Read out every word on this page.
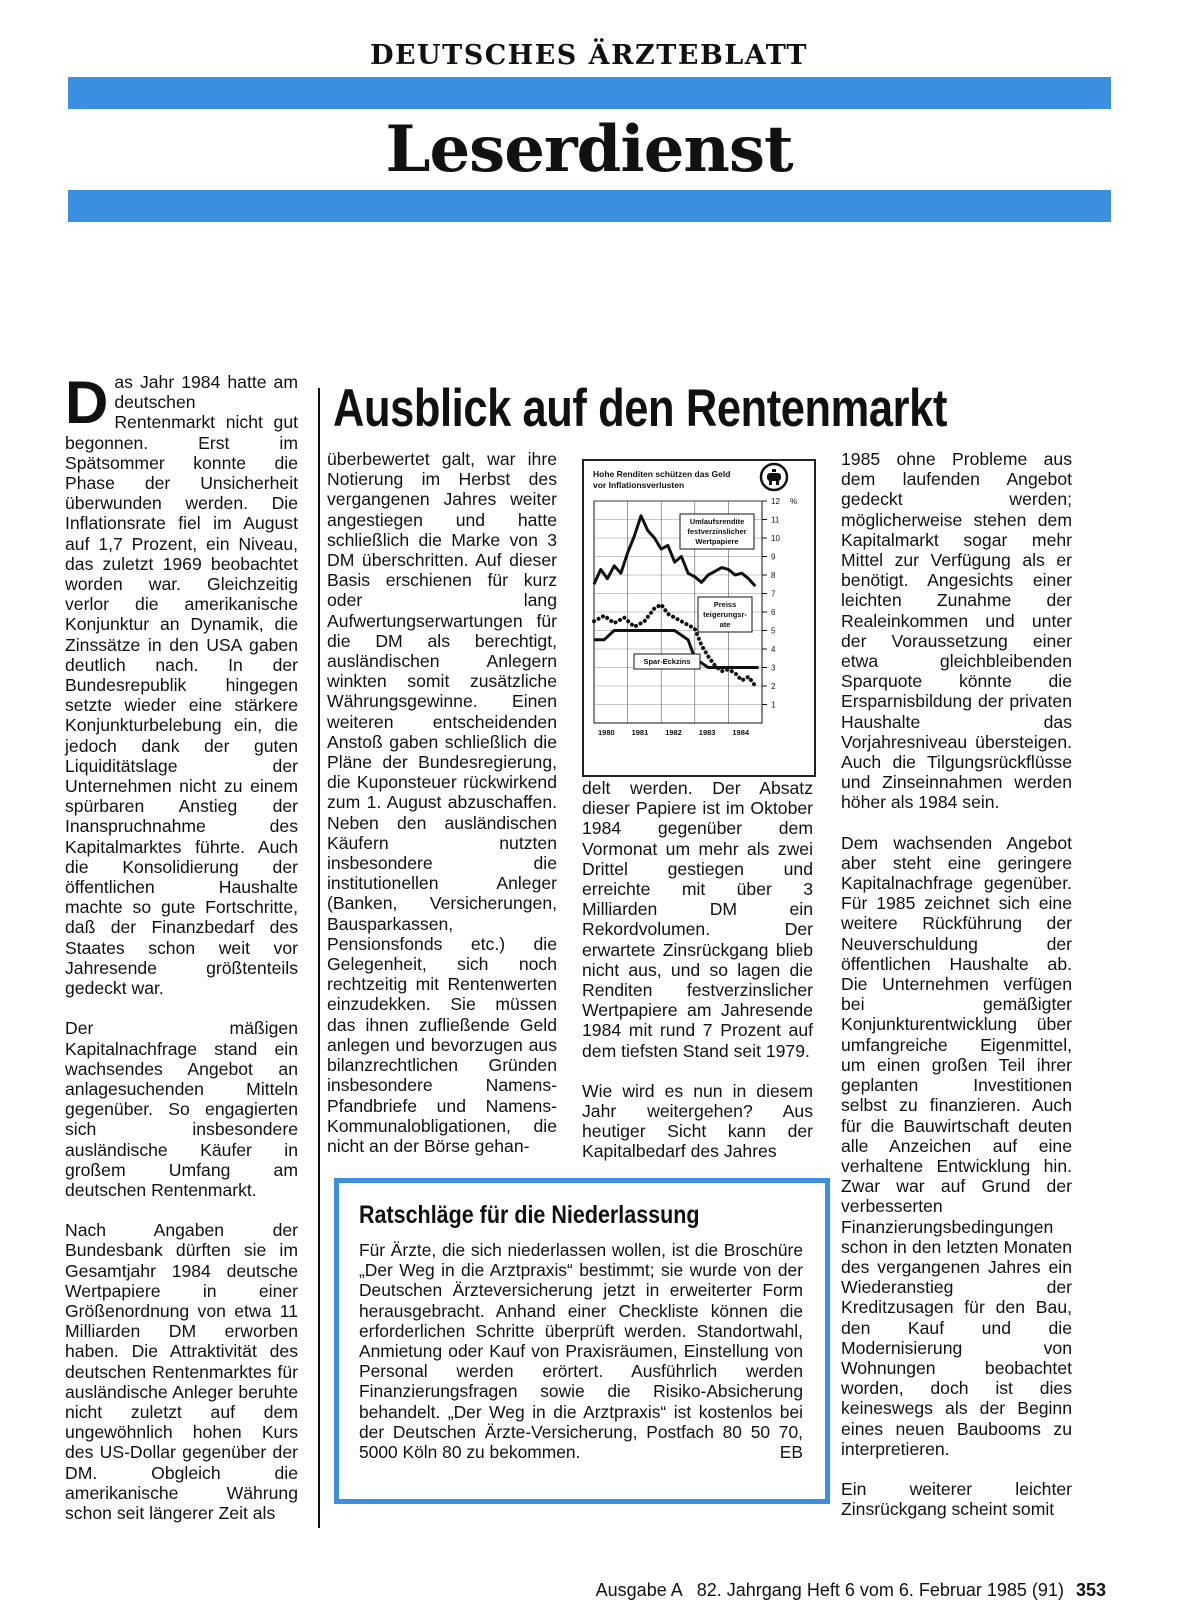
DEUTSCHES ÄRZTEBLATT
Leserdienst
Ausblick auf den Rentenmarkt

Das Jahr 1984 hatte am deutschen Rentenmarkt nicht gut begonnen. Erst im Spätsommer konnte die Phase der Unsicherheit überwunden werden. Die Inflationsrate fiel im August auf 1,7 Prozent, ein Niveau, das zuletzt 1969 beobachtet worden war. Gleichzeitig verlor die amerikanische Konjunktur an Dynamik, die Zinssätze in den USA gaben deutlich nach. In der Bundesrepublik hingegen setzte wieder eine stärkere Konjunkturbelebung ein, die jedoch dank der guten Liquiditätslage der Unternehmen nicht zu einem spürbaren Anstieg der Inanspruchnahme des Kapitalmarktes führte. Auch die Konsolidierung der öffentlichen Haushalte machte so gute Fortschritte, daß der Finanzbedarf des Staates schon weit vor Jahresende größtenteils gedeckt war.

Der mäßigen Kapitalnachfrage stand ein wachsendes Angebot an anlagesuchenden Mitteln gegenüber. So engagierten sich insbesondere ausländische Käufer in großem Umfang am deutschen Rentenmarkt.

Nach Angaben der Bundesbank dürften sie im Gesamtjahr 1984 deutsche Wertpapiere in einer Größenordnung von etwa 11 Milliarden DM erworben haben. Die Attraktivität des deutschen Rentenmarktes für ausländische Anleger beruhte nicht zuletzt auf dem ungewöhnlich hohen Kurs des US-Dollar gegenüber der DM. Obgleich die amerikanische Währung schon seit längerer Zeit als

überbewertet galt, war ihre Notierung im Herbst des vergangenen Jahres weiter angestiegen und hatte schließlich die Marke von 3 DM überschritten. Auf dieser Basis erschienen für kurz oder lang Aufwertungserwartungen für die DM als berechtigt, ausländischen Anlegern winkten somit zusätzliche Währungsgewinne. Einen weiteren entscheidenden Anstoß gaben schließlich die Pläne der Bundesregierung, die Kuponsteuer rückwirkend zum 1. August abzuschaffen. Neben den ausländischen Käufern nutzten insbesondere die institutionellen Anleger (Banken, Versicherungen, Bausparkassen, Pensionsfonds etc.) die Gelegenheit, sich noch rechtzeitig mit Rentenwerten einzudekken. Sie müssen das ihnen zufließende Geld anlegen und bevorzugen aus bilanzrechtlichen Gründen insbesondere Namens-Pfandbriefe und Namens-Kommunalobligationen, die nicht an der Börse gehan-

Hohe Renditen schützen das Geld
vor Inflationsverlusten
1
2
3
4
5
6
7
8
9
10
11
12 %
1980 1981 1982 1983 1984
Umlaufsrendite
festverzinslicher
Wertpapiere
Preiss
teigerungsr-
ate
Spar-Eckzins

delt werden. Der Absatz dieser Papiere ist im Oktober 1984 gegenüber dem Vormonat um mehr als zwei Drittel gestiegen und erreichte mit über 3 Milliarden DM ein Rekordvolumen. Der erwartete Zinsrückgang blieb nicht aus, und so lagen die Renditen festverzinslicher Wertpapiere am Jahresende 1984 mit rund 7 Prozent auf dem tiefsten Stand seit 1979.

Wie wird es nun in diesem Jahr weitergehen? Aus heutiger Sicht kann der Kapitalbedarf des Jahres

1985 ohne Probleme aus dem laufenden Angebot gedeckt werden; möglicherweise stehen dem Kapitalmarkt sogar mehr Mittel zur Verfügung als er benötigt. Angesichts einer leichten Zunahme der Realeinkommen und unter der Voraussetzung einer etwa gleichbleibenden Sparquote könnte die Ersparnisbildung der privaten Haushalte das Vorjahresniveau übersteigen. Auch die Tilgungsrückflüsse und Zinseinnahmen werden höher als 1984 sein.

Dem wachsenden Angebot aber steht eine geringere Kapitalnachfrage gegenüber. Für 1985 zeichnet sich eine weitere Rückführung der Neuverschuldung der öffentlichen Haushalte ab. Die Unternehmen verfügen bei gemäßigter Konjunkturentwicklung über umfangreiche Eigenmittel, um einen großen Teil ihrer geplanten Investitionen selbst zu finanzieren. Auch für die Bauwirtschaft deuten alle Anzeichen auf eine verhaltene Entwicklung hin. Zwar war auf Grund der verbesserten Finanzierungsbedingungen schon in den letzten Monaten des vergangenen Jahres ein Wiederanstieg der Kreditzusagen für den Bau, den Kauf und die Modernisierung von Wohnungen beobachtet worden, doch ist dies keineswegs als der Beginn eines neuen Baubooms zu interpretieren.

Ein weiterer leichter Zinsrückgang scheint somit

Ratschläge für die Niederlassung
Für Ärzte, die sich niederlassen wollen, ist die Broschüre „Der Weg in die Arztpraxis“ bestimmt; sie wurde von der Deutschen Ärzteversicherung jetzt in erweiterter Form herausgebracht. Anhand einer Checkliste können die erforderlichen Schritte überprüft werden. Standortwahl, Anmietung oder Kauf von Praxisräumen, Einstellung von Personal werden erörtert. Ausführlich werden Finanzierungsfragen sowie die Risiko-Absicherung behandelt. „Der Weg in die Arztpraxis“ ist kostenlos bei der Deutschen Ärzte-Versicherung, Postfach 80 50 70, 5000 Köln 80 zu bekommen.	EB
Ausgabe A   82. Jahrgang Heft 6 vom 6. Februar 1985 (91) 353
